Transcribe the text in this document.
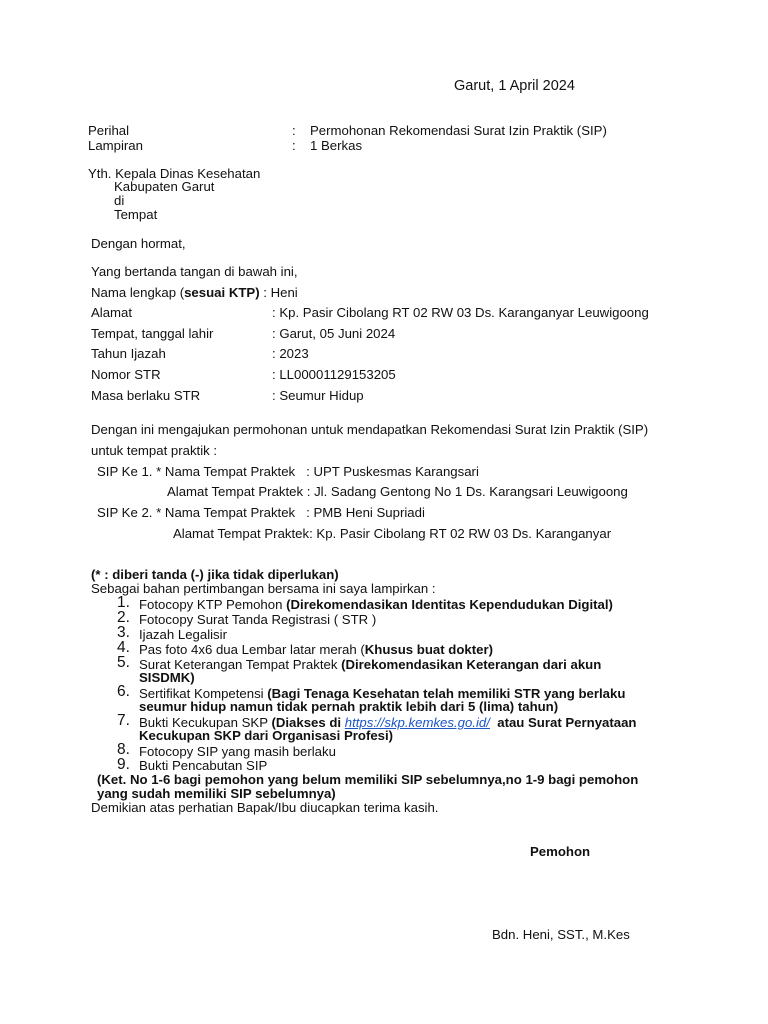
Garut, 1 April 2024
Perihal	: Permohonan Rekomendasi Surat Izin Praktik (SIP)
Lampiran	: 1 Berkas
Yth. Kepala Dinas Kesehatan
Kabupaten Garut
di
Tempat
Dengan hormat,
Yang bertanda tangan di bawah ini,
Nama lengkap (sesuai KTP) : Heni
Alamat	: Kp. Pasir Cibolang RT 02 RW 03 Ds. Karanganyar Leuwigoong
Tempat, tanggal lahir	: Garut, 05 Juni 2024
Tahun Ijazah	: 2023
Nomor STR	: LL00001129153205
Masa berlaku STR	: Seumur Hidup
Dengan ini mengajukan permohonan untuk mendapatkan Rekomendasi Surat Izin Praktik (SIP)
untuk tempat praktik :
SIP Ke 1. * Nama Tempat Praktek   : UPT Puskesmas Karangsari
Alamat Tempat Praktek : Jl. Sadang Gentong No 1 Ds. Karangsari Leuwigoong
SIP Ke 2. * Nama Tempat Praktek   : PMB Heni Supriadi
Alamat Tempat Praktek: Kp. Pasir Cibolang RT 02 RW 03 Ds. Karanganyar
(* : diberi tanda (-) jika tidak diperlukan)
Sebagai bahan pertimbangan bersama ini saya lampirkan :
1. Fotocopy KTP Pemohon (Direkomendasikan Identitas Kependudukan Digital)
2. Fotocopy Surat Tanda Registrasi ( STR )
3. Ijazah Legalisir
4. Pas foto 4x6 dua Lembar latar merah (Khusus buat dokter)
5. Surat Keterangan Tempat Praktek (Direkomendasikan Keterangan dari akun
SISDMK)
6. Sertifikat Kompetensi (Bagi Tenaga Kesehatan telah memiliki STR yang berlaku
seumur hidup namun tidak pernah praktik lebih dari 5 (lima) tahun)
7. Bukti Kecukupan SKP (Diakses di https://skp.kemkes.go.id/  atau Surat Pernyataan
Kecukupan SKP dari Organisasi Profesi)
8. Fotocopy SIP yang masih berlaku
9. Bukti Pencabutan SIP
(Ket. No 1-6 bagi pemohon yang belum memiliki SIP sebelumnya,no 1-9 bagi pemohon
yang sudah memiliki SIP sebelumnya)
Demikian atas perhatian Bapak/Ibu diucapkan terima kasih.
Pemohon
Bdn. Heni, SST., M.Kes
